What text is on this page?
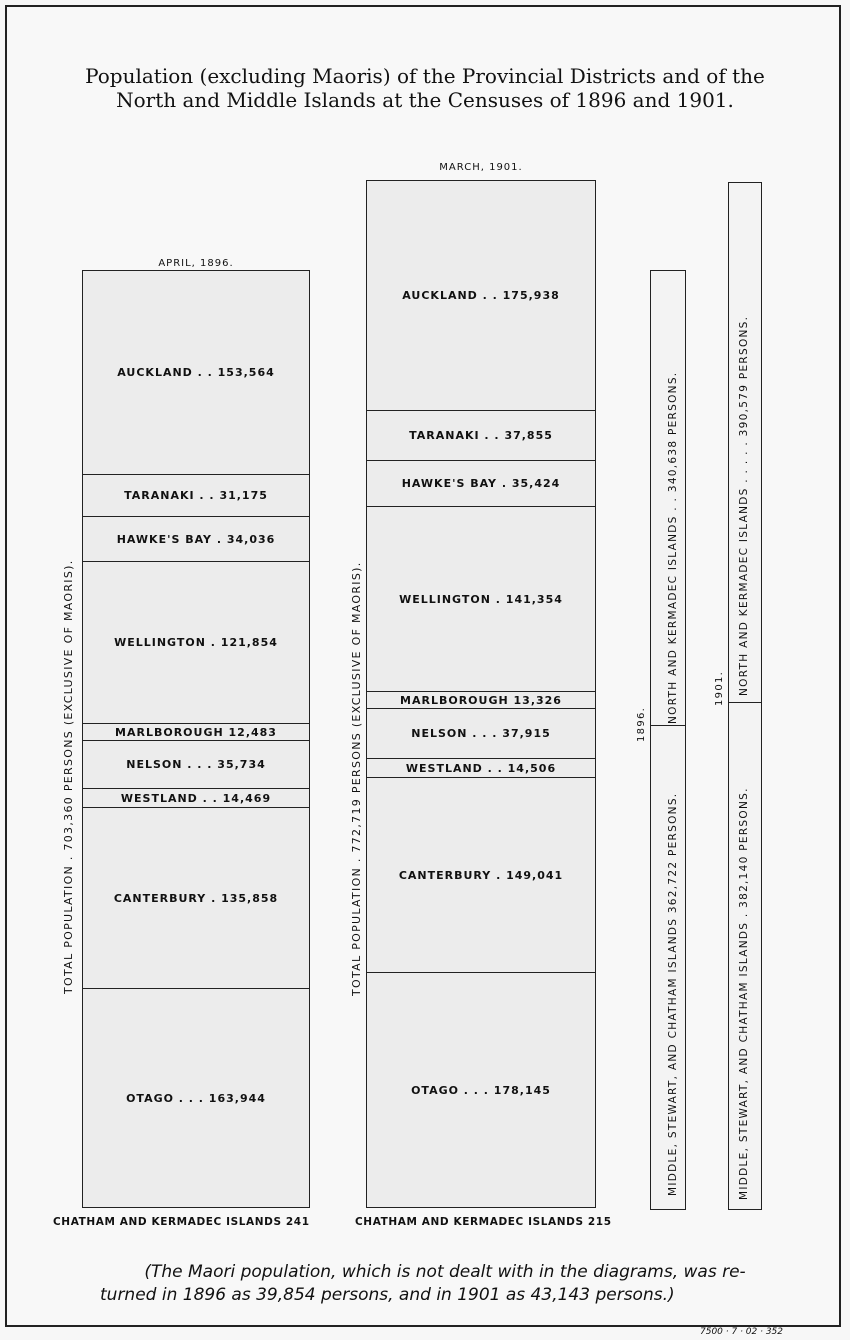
Population (excluding Maoris) of the Provincial Districts and of the
North and Middle Islands at the Censuses of 1896 and 1901.
APRIL, 1896.
AUCKLAND . . 153,564
TARANAKI . . 31,175
HAWKE'S BAY . 34,036
WELLINGTON . 121,854
MARLBOROUGH 12,483
NELSON . . . 35,734
WESTLAND . . 14,469
CANTERBURY . 135,858
OTAGO . . . 163,944
TOTAL POPULATION . 703,360 PERSONS (EXCLUSIVE OF MAORIS).
CHATHAM AND KERMADEC ISLANDS 241
MARCH, 1901.
AUCKLAND . . 175,938
TARANAKI . . 37,855
HAWKE'S BAY . 35,424
WELLINGTON . 141,354
MARLBOROUGH 13,326
NELSON . . . 37,915
WESTLAND . . 14,506
CANTERBURY . 149,041
OTAGO . . . 178,145
TOTAL POPULATION . 772,719 PERSONS (EXCLUSIVE OF MAORIS).
CHATHAM AND KERMADEC ISLANDS 215
1896.
MIDDLE, STEWART, AND CHATHAM ISLANDS 362,722 PERSONS.
NORTH AND KERMADEC ISLANDS . . 340,638 PERSONS.	1901.
MIDDLE, STEWART, AND CHATHAM ISLANDS . 382,140 PERSONS.
NORTH AND KERMADEC ISLANDS . . . . . 390,579 PERSONS.
(The Maori population, which is not dealt with in the diagrams, was re-
turned in 1896 as 39,854 persons, and in 1901 as 43,143 persons.)
7500 · 7 · 02 · 352
